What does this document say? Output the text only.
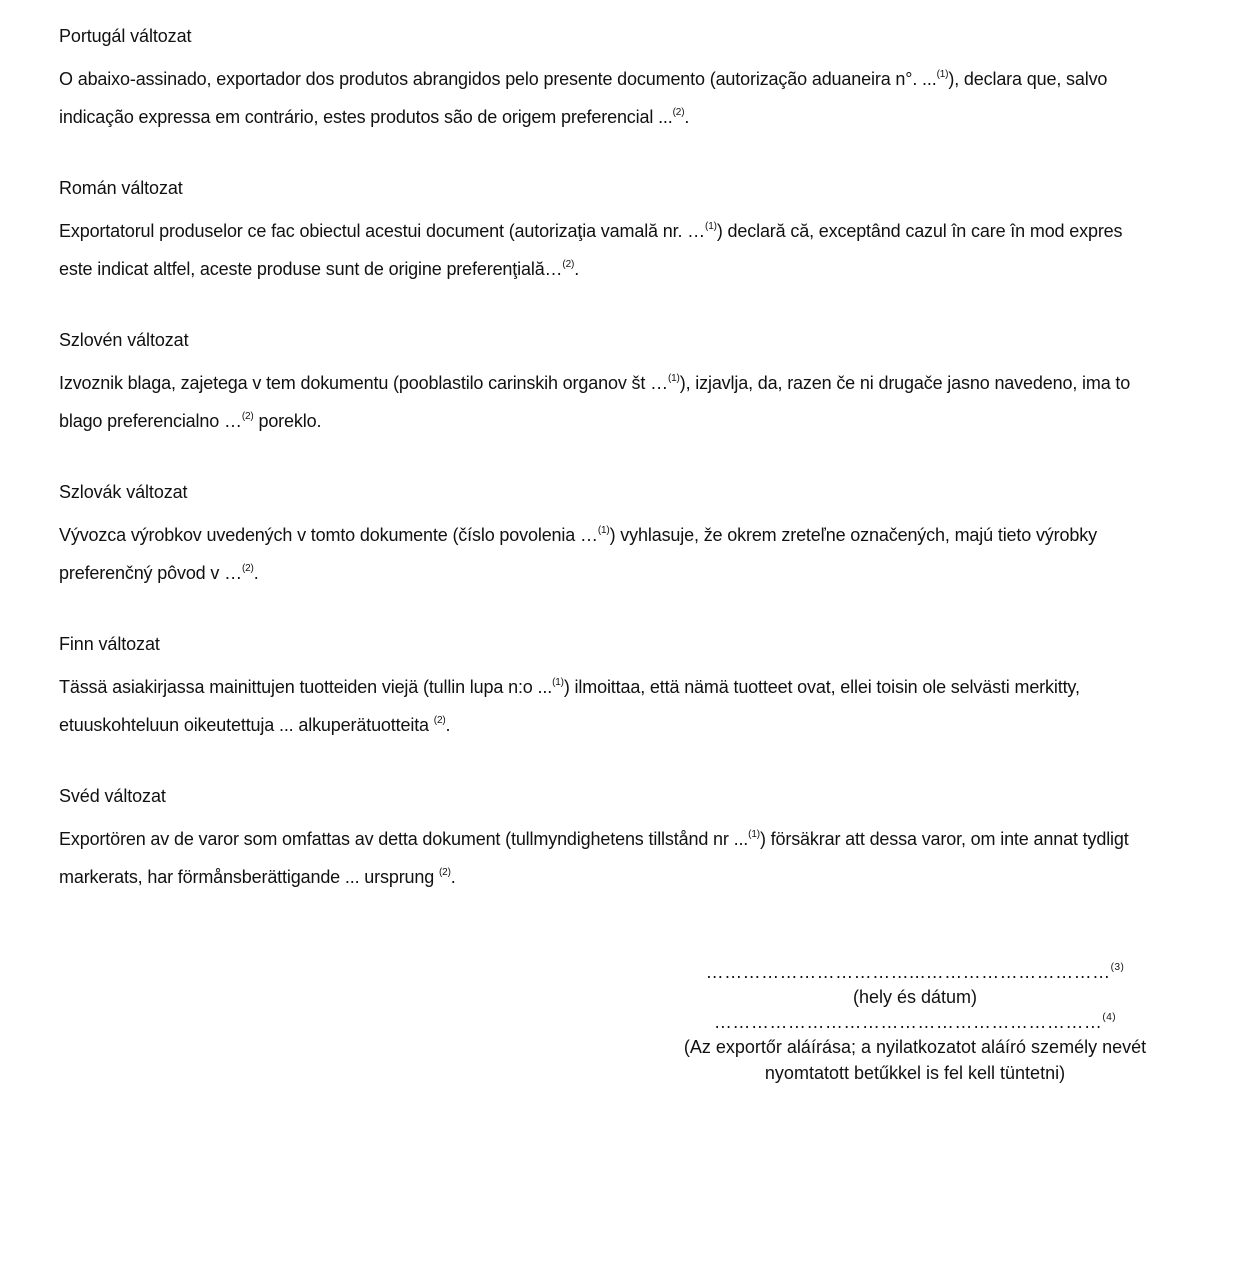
Portugál változat

O abaixo-assinado, exportador dos produtos abrangidos pelo presente documento (autorização aduaneira n°. ...$^{(1)}$), declara que, salvo indicação expressa em contrário, estes produtos são de origem preferencial ...$^{(2)}$.

Román változat

Exportatorul produselor ce fac obiectul acestui document (autorizaţia vamală nr. …$^{(1)}$) declară că, exceptând cazul în care în mod expres este indicat altfel, aceste produse sunt de origine preferenţială…$^{(2)}$.

Szlovén változat

Izvoznik blaga, zajetega v tem dokumentu (pooblastilo carinskih organov št …$^{(1)}$), izjavlja, da, razen če ni drugače jasno navedeno, ima to blago preferencialno …$^{(2)}$ poreklo.

Szlovák változat

Vývozca výrobkov uvedených v tomto dokumente (číslo povolenia …$^{(1)}$) vyhlasuje, že okrem zreteľne označených, majú tieto výrobky preferenčný pôvod v …$^{(2)}$.

Finn változat

Tässä asiakirjassa mainittujen tuotteiden viejä (tullin lupa n:o ...$^{(1)}$) ilmoittaa, että nämä tuotteet ovat, ellei toisin ole selvästi merkitty, etuuskohteluun oikeutettuja ... alkuperätuotteita $^{(2)}$.

Svéd változat

Exportören av de varor som omfattas av detta dokument (tullmyndighetens tillstånd nr ...$^{(1)}$) försäkrar att dessa varor, om inte annat tydligt markerats, har förmånsberättigande ... ursprung $^{(2)}$.

……………………………...…………………………$^{(3)}$
(hely és dátum)
………………………………………………………$^{(4)}$
(Az exportőr aláírása; a nyilatkozatot aláíró személy nevét
nyomtatott betűkkel is fel kell tüntetni)
